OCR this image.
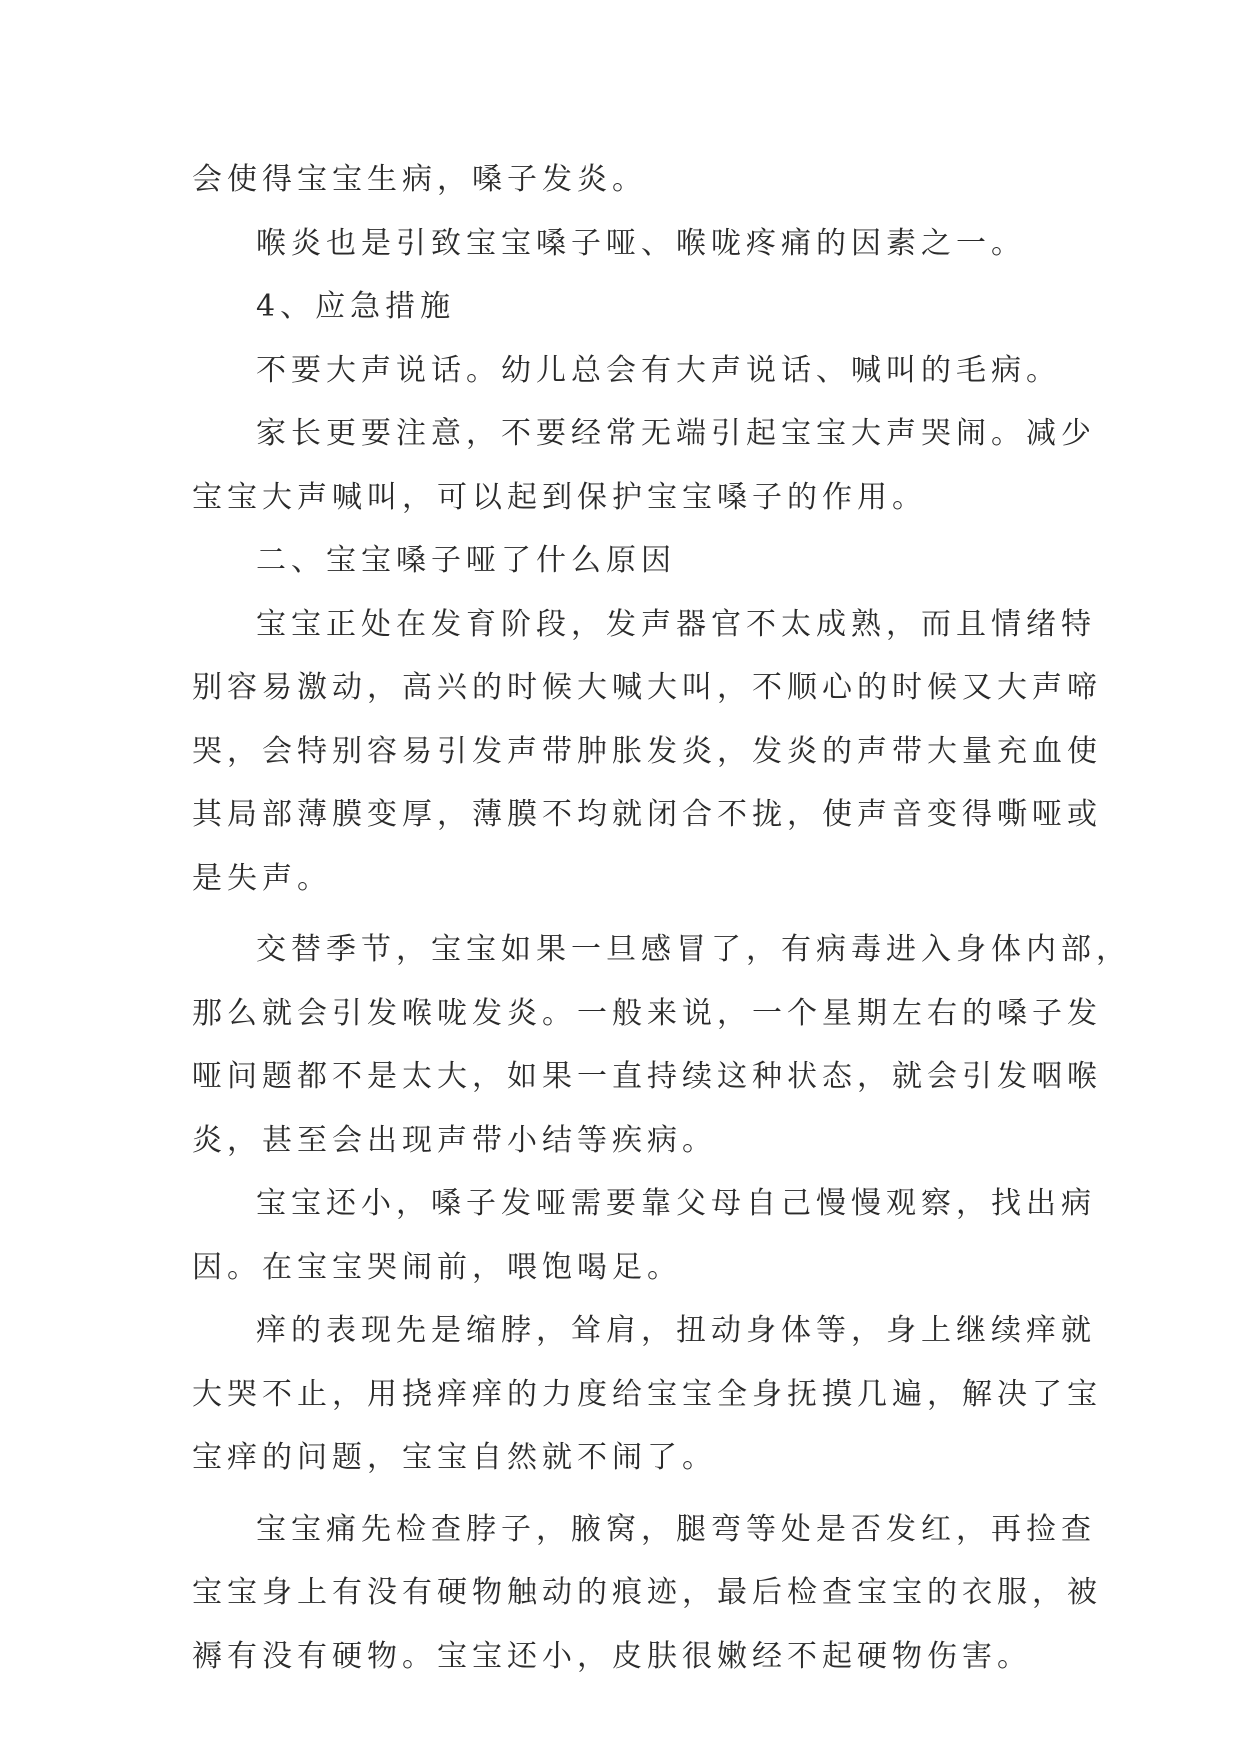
会使得宝宝生病，嗓子发炎。
喉炎也是引致宝宝嗓子哑、喉咙疼痛的因素之一。
4、应急措施
不要大声说话。幼儿总会有大声说话、喊叫的毛病。
家长更要注意，不要经常无端引起宝宝大声哭闹。减少
宝宝大声喊叫，可以起到保护宝宝嗓子的作用。
二、宝宝嗓子哑了什么原因
宝宝正处在发育阶段，发声器官不太成熟，而且情绪特
别容易激动，高兴的时候大喊大叫，不顺心的时候又大声啼
哭，会特别容易引发声带肿胀发炎，发炎的声带大量充血使
其局部薄膜变厚，薄膜不均就闭合不拢，使声音变得嘶哑或
是失声。
交替季节，宝宝如果一旦感冒了，有病毒进入身体内部，
那么就会引发喉咙发炎。一般来说，一个星期左右的嗓子发
哑问题都不是太大，如果一直持续这种状态，就会引发咽喉
炎，甚至会出现声带小结等疾病。
宝宝还小，嗓子发哑需要靠父母自己慢慢观察，找出病
因。在宝宝哭闹前，喂饱喝足。
痒的表现先是缩脖，耸肩，扭动身体等，身上继续痒就
大哭不止，用挠痒痒的力度给宝宝全身抚摸几遍，解决了宝
宝痒的问题，宝宝自然就不闹了。
宝宝痛先检查脖子，腋窝，腿弯等处是否发红，再捡查
宝宝身上有没有硬物触动的痕迹，最后检查宝宝的衣服，被
褥有没有硬物。宝宝还小，皮肤很嫩经不起硬物伤害。
